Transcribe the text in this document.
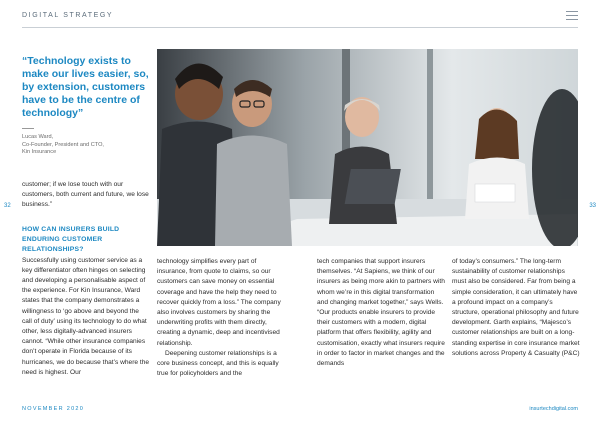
DIGITAL STRATEGY
“Technology exists to make our lives easier, so, by extension, customers have to be the centre of technology”
Lucas Ward,
Co-Founder, President and CTO,
Kin Insurance
32	33
customer; if we lose touch with our customers, both current and future, we lose business.”

HOW CAN INSURERS BUILD ENDURING CUSTOMER RELATIONSHIPS?

Successfully using customer service as a key differentiator often hinges on selecting and developing a personalisable aspect of the experience. For Kin Insurance, Ward states that the company demonstrates a willingness to ‘go above and beyond the call of duty’ using its technology to do what other, less digitally-advanced insurers cannot. “While other insurance companies don’t operate in Florida because of its hurricanes, we do because that’s where the need is highest. Our

technology simplifies every part of insurance, from quote to claims, so our customers can save money on essential coverage and have the help they need to recover quickly from a loss.” The company also involves customers by sharing the underwriting profits with them directly, creating a dynamic, deep and incentivised relationship.

Deepening customer relationships is a core business concept, and this is equally true for policyholders and the

tech companies that support insurers themselves. “At Sapiens, we think of our insurers as being more akin to partners with whom we’re in this digital transformation and changing market together,” says Wells. “Our products enable insurers to provide their customers with a modern, digital platform that offers flexibility, agility and customisation, exactly what insurers require in order to factor in market changes and the demands

of today’s consumers.” The long-term sustainability of customer relationships must also be considered. Far from being a simple consideration, it can ultimately have a profound impact on a company’s structure, operational philosophy and future development. Garth explains, “Majesco’s customer relationships are built on a long-standing expertise in core insurance market solutions across Property & Casualty (P&C)

NOVEMBER 2020	insurtechdigital.com
